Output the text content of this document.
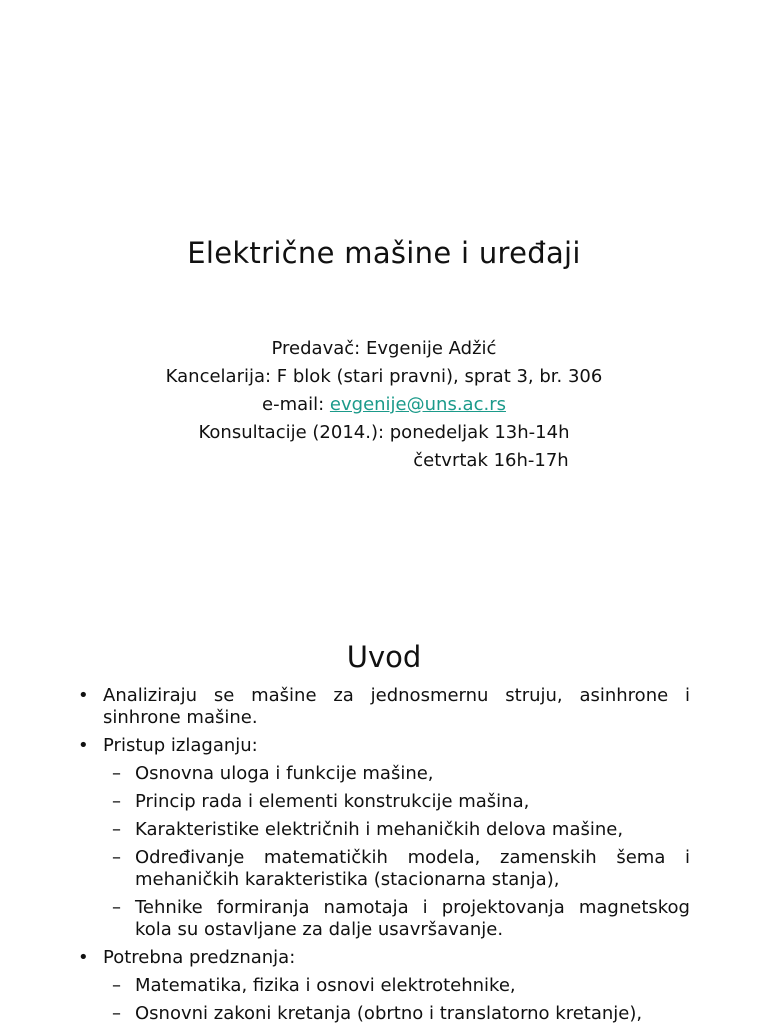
Električne mašine i uređaji
Predavač: Evgenije Adžić
Kancelarija: F blok (stari pravni), sprat 3, br. 306
e-mail: evgenije@uns.ac.rs
Konsultacije (2014.): ponedeljak 13h-14h
četvrtak 16h-17h
Uvod
• Analiziraju se mašine za jednosmernu struju, asinhrone i sinhrone mašine.
• Pristup izlaganju:
– Osnovna uloga i funkcije mašine,
– Princip rada i elementi konstrukcije mašina,
– Karakteristike električnih i mehaničkih delova mašine,
– Određivanje matematičkih modela, zamenskih šema i mehaničkih karakteristika (stacionarna stanja),
– Tehnike formiranja namotaja i projektovanja magnetskog kola su ostavljane za dalje usavršavanje.
• Potrebna predznanja:
– Matematika, fizika i osnovi elektrotehnike,
– Osnovni zakoni kretanja (obrtno i translatorno kretanje),
